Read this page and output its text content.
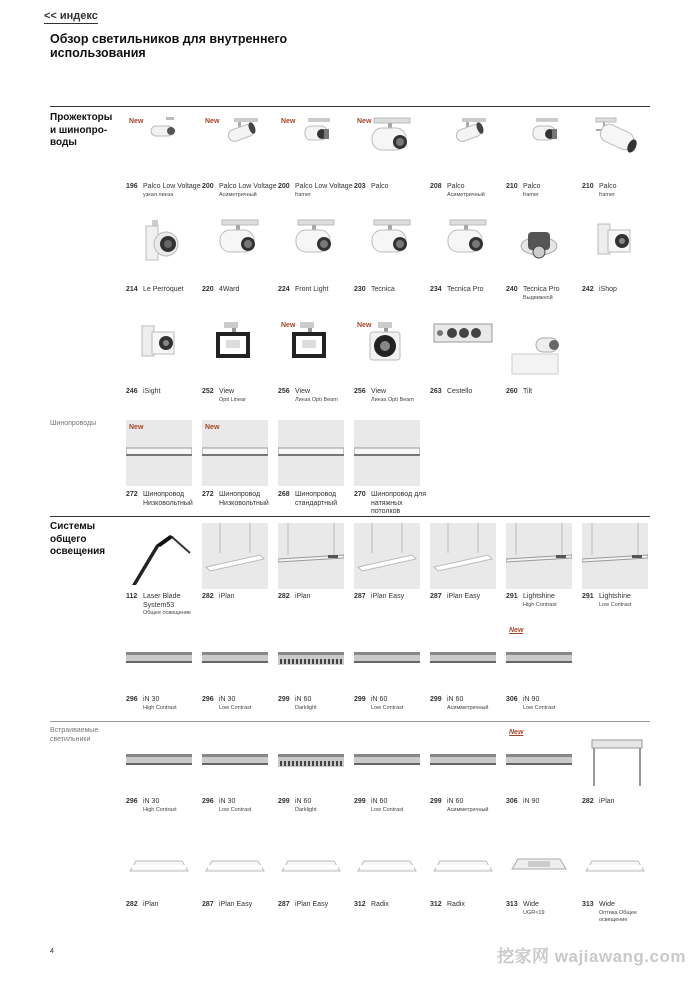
<< индекс
Обзор светильников для внутреннего использования
Прожекторы и шинопро-воды
Шинопроводы
Системы общего освещения
Встраиваемые светильники
New
196 Palco Low Voltage
узкая линза
New
200 Palco Low Voltage
Асиметричный
New
200 Palco Low Voltage
framer
New
203 Palco	208 Palco
Асиметричный
210 Palco
framer
210 Palco
framer
214 Le Perroquet	220 4Ward	224 Front Light	230 Tecnica	234 Tecnica Pro	240 Tecnica Pro
Выдвижной
242 iShop
246 iSight	252 View
Opti Linear
New
256 View
Линза Opti Beam
New
256 View
Линза Opti Beam
263 Cestello	260 Tilt
New
272 Шинопровод Низковольтный
New
272 Шинопровод Низковольтный
268 Шинопровод стандартный
270 Шинопровод для натяжных потолков
112 Laser Blade System53
Общее освещение
282 iPlan	282 iPlan	287 iPlan Easy	287 iPlan Easy	291 Lightshine
High Contrast
291 Lightshine
Low Contrast
296 iN 30
High Contrast
296 iN 30
Low Contrast
299 iN 60
Darklight
299 iN 60
Low Contrast
299 iN 60
Асимметричный
New
306 iN 90
Low Contrast
296 iN 30
High Contrast
296 iN 30
Low Contrast
299 iN 60
Darklight
299 iN 60
Low Contrast
299 iN 60
Асимметричный
New
306 iN 90	282 iPlan
282 iPlan	287 iPlan Easy	287 iPlan Easy	312 Radix	312 Radix	313 Wide
UGR<19
313 Wide
Оптика Общее освещение
4	挖家网 wajiawang.com
